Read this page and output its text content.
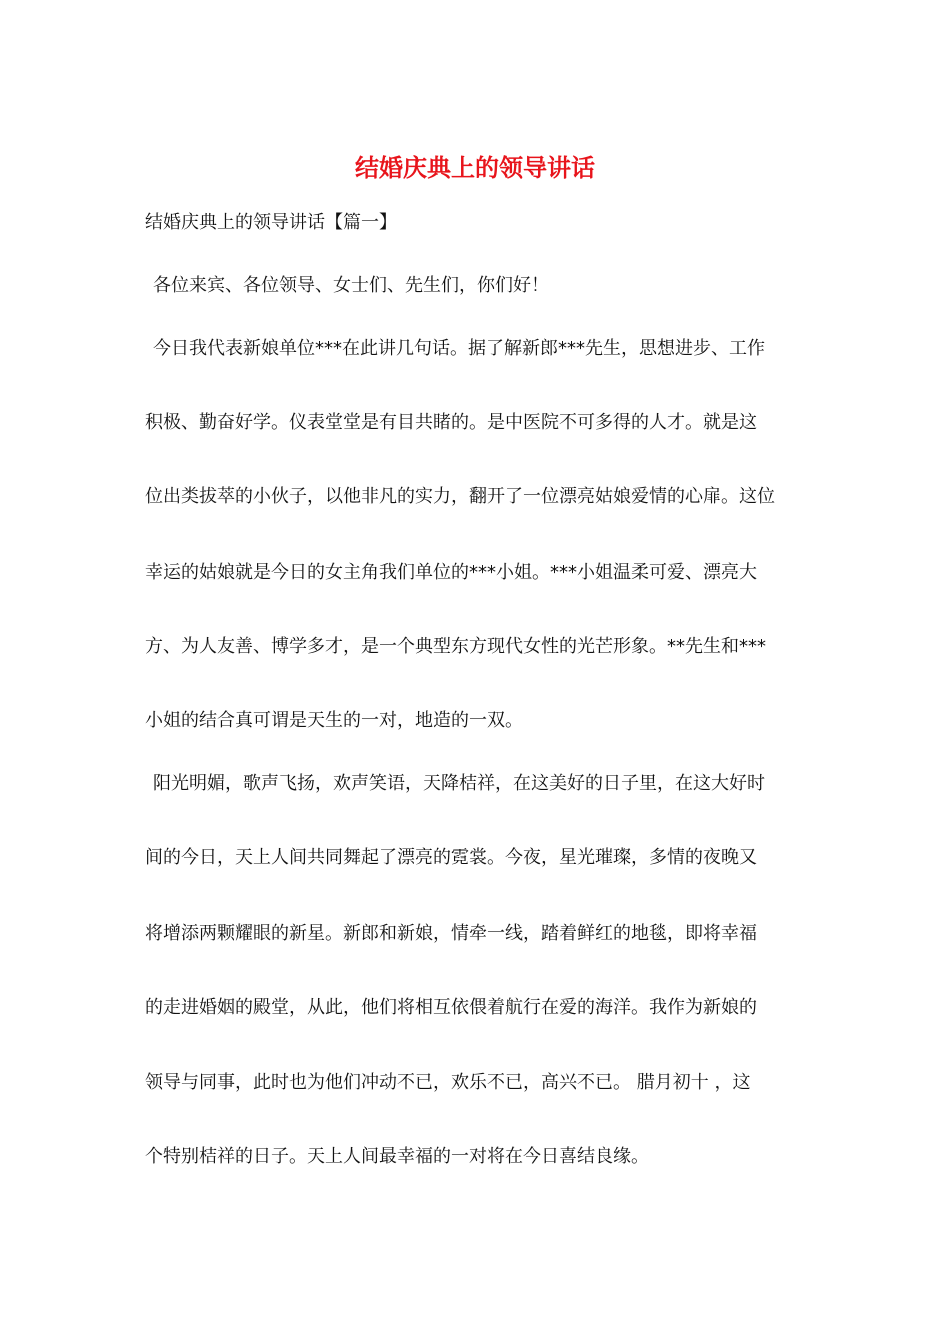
结婚庆典上的领导讲话

结婚庆典上的领导讲话【篇一】

各位来宾、各位领导、女士们、先生们，你们好！

今日我代表新娘单位***在此讲几句话。据了解新郎***先生，思想进步、工作

积极、勤奋好学。仪表堂堂是有目共睹的。是中医院不可多得的人才。就是这

位出类拔萃的小伙子，以他非凡的实力，翻开了一位漂亮姑娘爱情的心扉。这位

幸运的姑娘就是今日的女主角我们单位的***小姐。***小姐温柔可爱、漂亮大

方、为人友善、博学多才，是一个典型东方现代女性的光芒形象。**先生和***

小姐的结合真可谓是天生的一对，地造的一双。

阳光明媚，歌声飞扬，欢声笑语，天降桔祥，在这美好的日子里，在这大好时

间的今日，天上人间共同舞起了漂亮的霓裳。今夜，星光璀璨，多情的夜晚又

将增添两颗耀眼的新星。新郎和新娘，情牵一线，踏着鲜红的地毯，即将幸福

的走进婚姻的殿堂，从此，他们将相互依偎着航行在爱的海洋。我作为新娘的

领导与同事，此时也为他们冲动不已，欢乐不已，高兴不已。 腊月初十 ，这

个特别桔祥的日子。天上人间最幸福的一对将在今日喜结良缘。
